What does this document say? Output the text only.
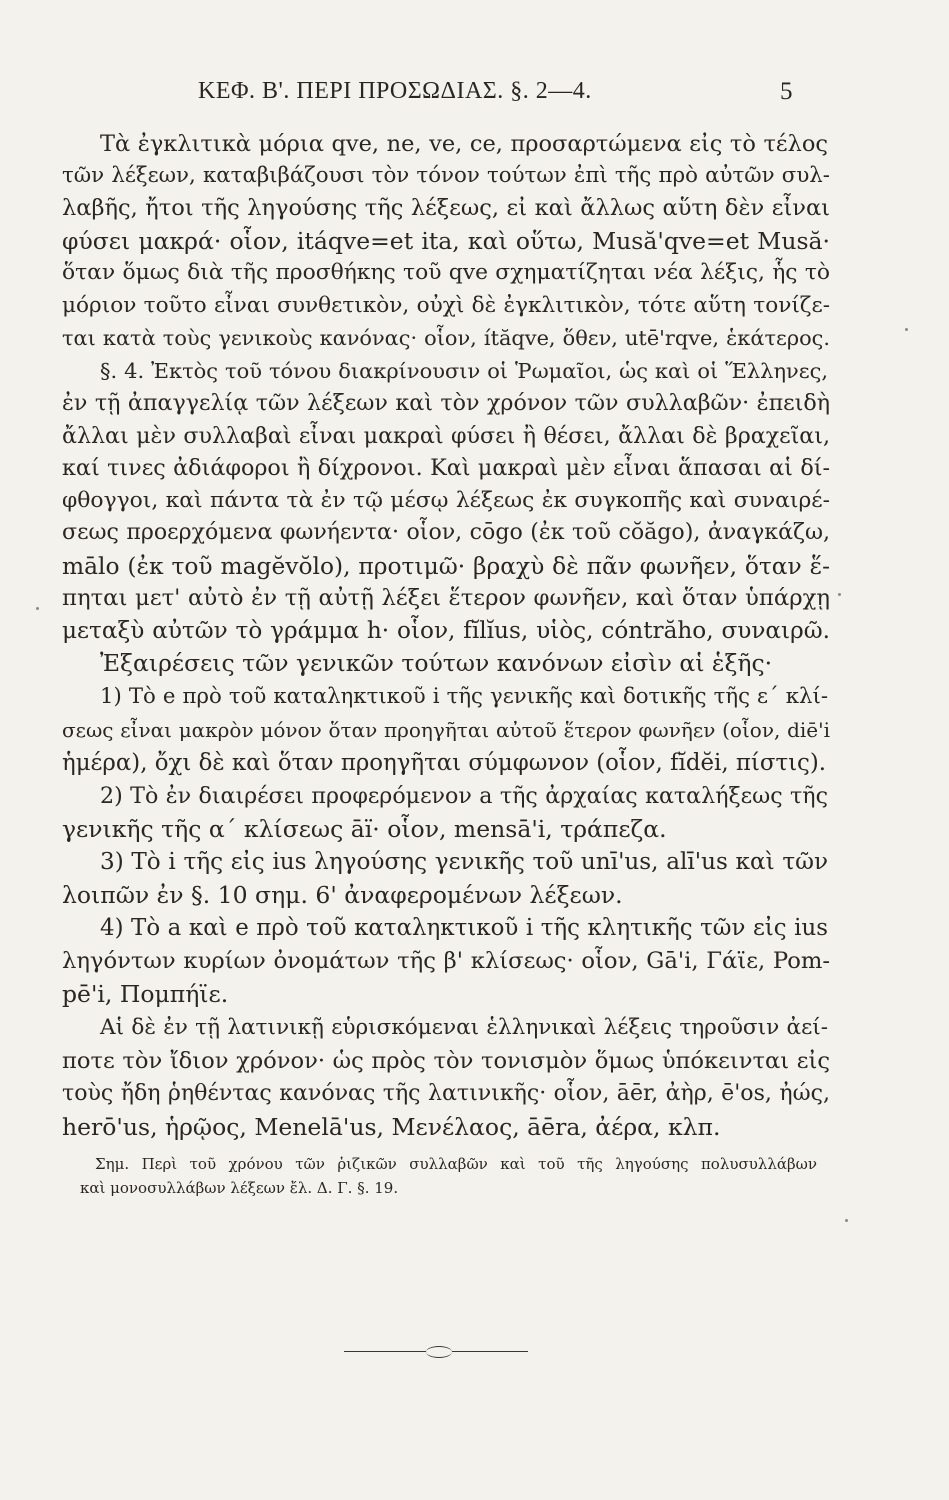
ΚΕΦ. Β'. ΠΕΡΙ ΠΡΟΣΩΔΙΑΣ. §. 2—4.	5
Τὰ ἐγκλιτικὰ μόρια qve, ne, ve, ce, προσαρτώμενα εἰς τὸ τέλος
τῶν λέξεων, καταβιβάζουσι τὸν τόνον τούτων ἐπὶ τῆς πρὸ αὐτῶν συλ-
λαβῆς, ἤτοι τῆς ληγούσης τῆς λέξεως, εἰ καὶ ἄλλως αὕτη δὲν εἶναι
φύσει μακρά· οἷον, itáqve=et ita, καὶ οὕτω, Musă'qve=et Musă·
ὅταν ὅμως διὰ τῆς προσθήκης τοῦ qve σχηματίζηται νέα λέξις, ἧς τὸ
μόριον τοῦτο εἶναι συνθετικὸν, οὐχὶ δὲ ἐγκλιτικὸν, τότε αὕτη τονίζε-
ται κατὰ τοὺς γενικοὺς κανόνας· οἷον, ítăqve, ὅθεν, utē'rqve, ἑκάτερος.
§. 4. Ἐκτὸς τοῦ τόνου διακρίνουσιν οἱ Ῥωμαῖοι, ὡς καὶ οἱ Ἕλληνες,
ἐν τῇ ἀπαγγελίᾳ τῶν λέξεων καὶ τὸν χρόνον τῶν συλλαβῶν· ἐπειδὴ
ἄλλαι μὲν συλλαβαὶ εἶναι μακραὶ φύσει ἢ θέσει, ἄλλαι δὲ βραχεῖαι,
καί τινες ἀδιάφοροι ἢ δίχρονοι. Καὶ μακραὶ μὲν εἶναι ἅπασαι αἱ δί-
φθογγοι, καὶ πάντα τὰ ἐν τῷ μέσῳ λέξεως ἐκ συγκοπῆς καὶ συναιρέ-
σεως προερχόμενα φωνήεντα· οἷον, cōgo (ἐκ τοῦ cŏăgo), ἀναγκάζω,
mālo (ἐκ τοῦ magĕvŏlo), προτιμῶ· βραχὺ δὲ πᾶν φωνῆεν, ὅταν ἕ-
πηται μετ' αὐτὸ ἐν τῇ αὐτῇ λέξει ἕτερον φωνῆεν, καὶ ὅταν ὑπάρχῃ
μεταξὺ αὐτῶν τὸ γράμμα h· οἷον, fĭlĭus, υἱὸς, cóntrăho, συναιρῶ.
Ἐξαιρέσεις τῶν γενικῶν τούτων κανόνων εἰσὶν αἱ ἑξῆς·
1) Τὸ e πρὸ τοῦ καταληκτικοῦ i τῆς γενικῆς καὶ δοτικῆς τῆς ε΄ κλί-
σεως εἶναι μακρὸν μόνον ὅταν προηγῆται αὐτοῦ ἕτερον φωνῆεν (οἷον, diē'i
ἡμέρα), ὄχι δὲ καὶ ὅταν προηγῆται σύμφωνον (οἷον, fĭdĕi, πίστις).
2) Τὸ ἐν διαιρέσει προφερόμενον a τῆς ἀρχαίας καταλήξεως τῆς
γενικῆς τῆς α΄ κλίσεως āï· οἷον, mensā'i, τράπεζα.
3) Τὸ i τῆς εἰς ius ληγούσης γενικῆς τοῦ unī'us, alī'us καὶ τῶν
λοιπῶν ἐν §. 10 σημ. 6' ἀναφερομένων λέξεων.
4) Τὸ a καὶ e πρὸ τοῦ καταληκτικοῦ i τῆς κλητικῆς τῶν εἰς ius
ληγόντων κυρίων ὀνομάτων τῆς β' κλίσεως· οἷον, Gā'i, Γάϊε, Pom-
pē'i, Πομπήϊε.
Αἱ δὲ ἐν τῇ λατινικῇ εὑρισκόμεναι ἑλληνικαὶ λέξεις τηροῦσιν ἀεί-
ποτε τὸν ἴδιον χρόνον· ὡς πρὸς τὸν τονισμὸν ὅμως ὑπόκεινται εἰς
τοὺς ἤδη ῥηθέντας κανόνας τῆς λατινικῆς· οἷον, āēr, ἀὴρ, ē'os, ἠώς,
herō'us, ἡρῷος, Menelā'us, Μενέλαος, āēra, ἀέρα, κλπ.
Σημ. Περὶ τοῦ χρόνου τῶν ῥιζικῶν συλλαβῶν καὶ τοῦ τῆς ληγούσης πολυσυλλάβων
καὶ μονοσυλλάβων λέξεων ἔλ. Δ. Γ. §. 19.
